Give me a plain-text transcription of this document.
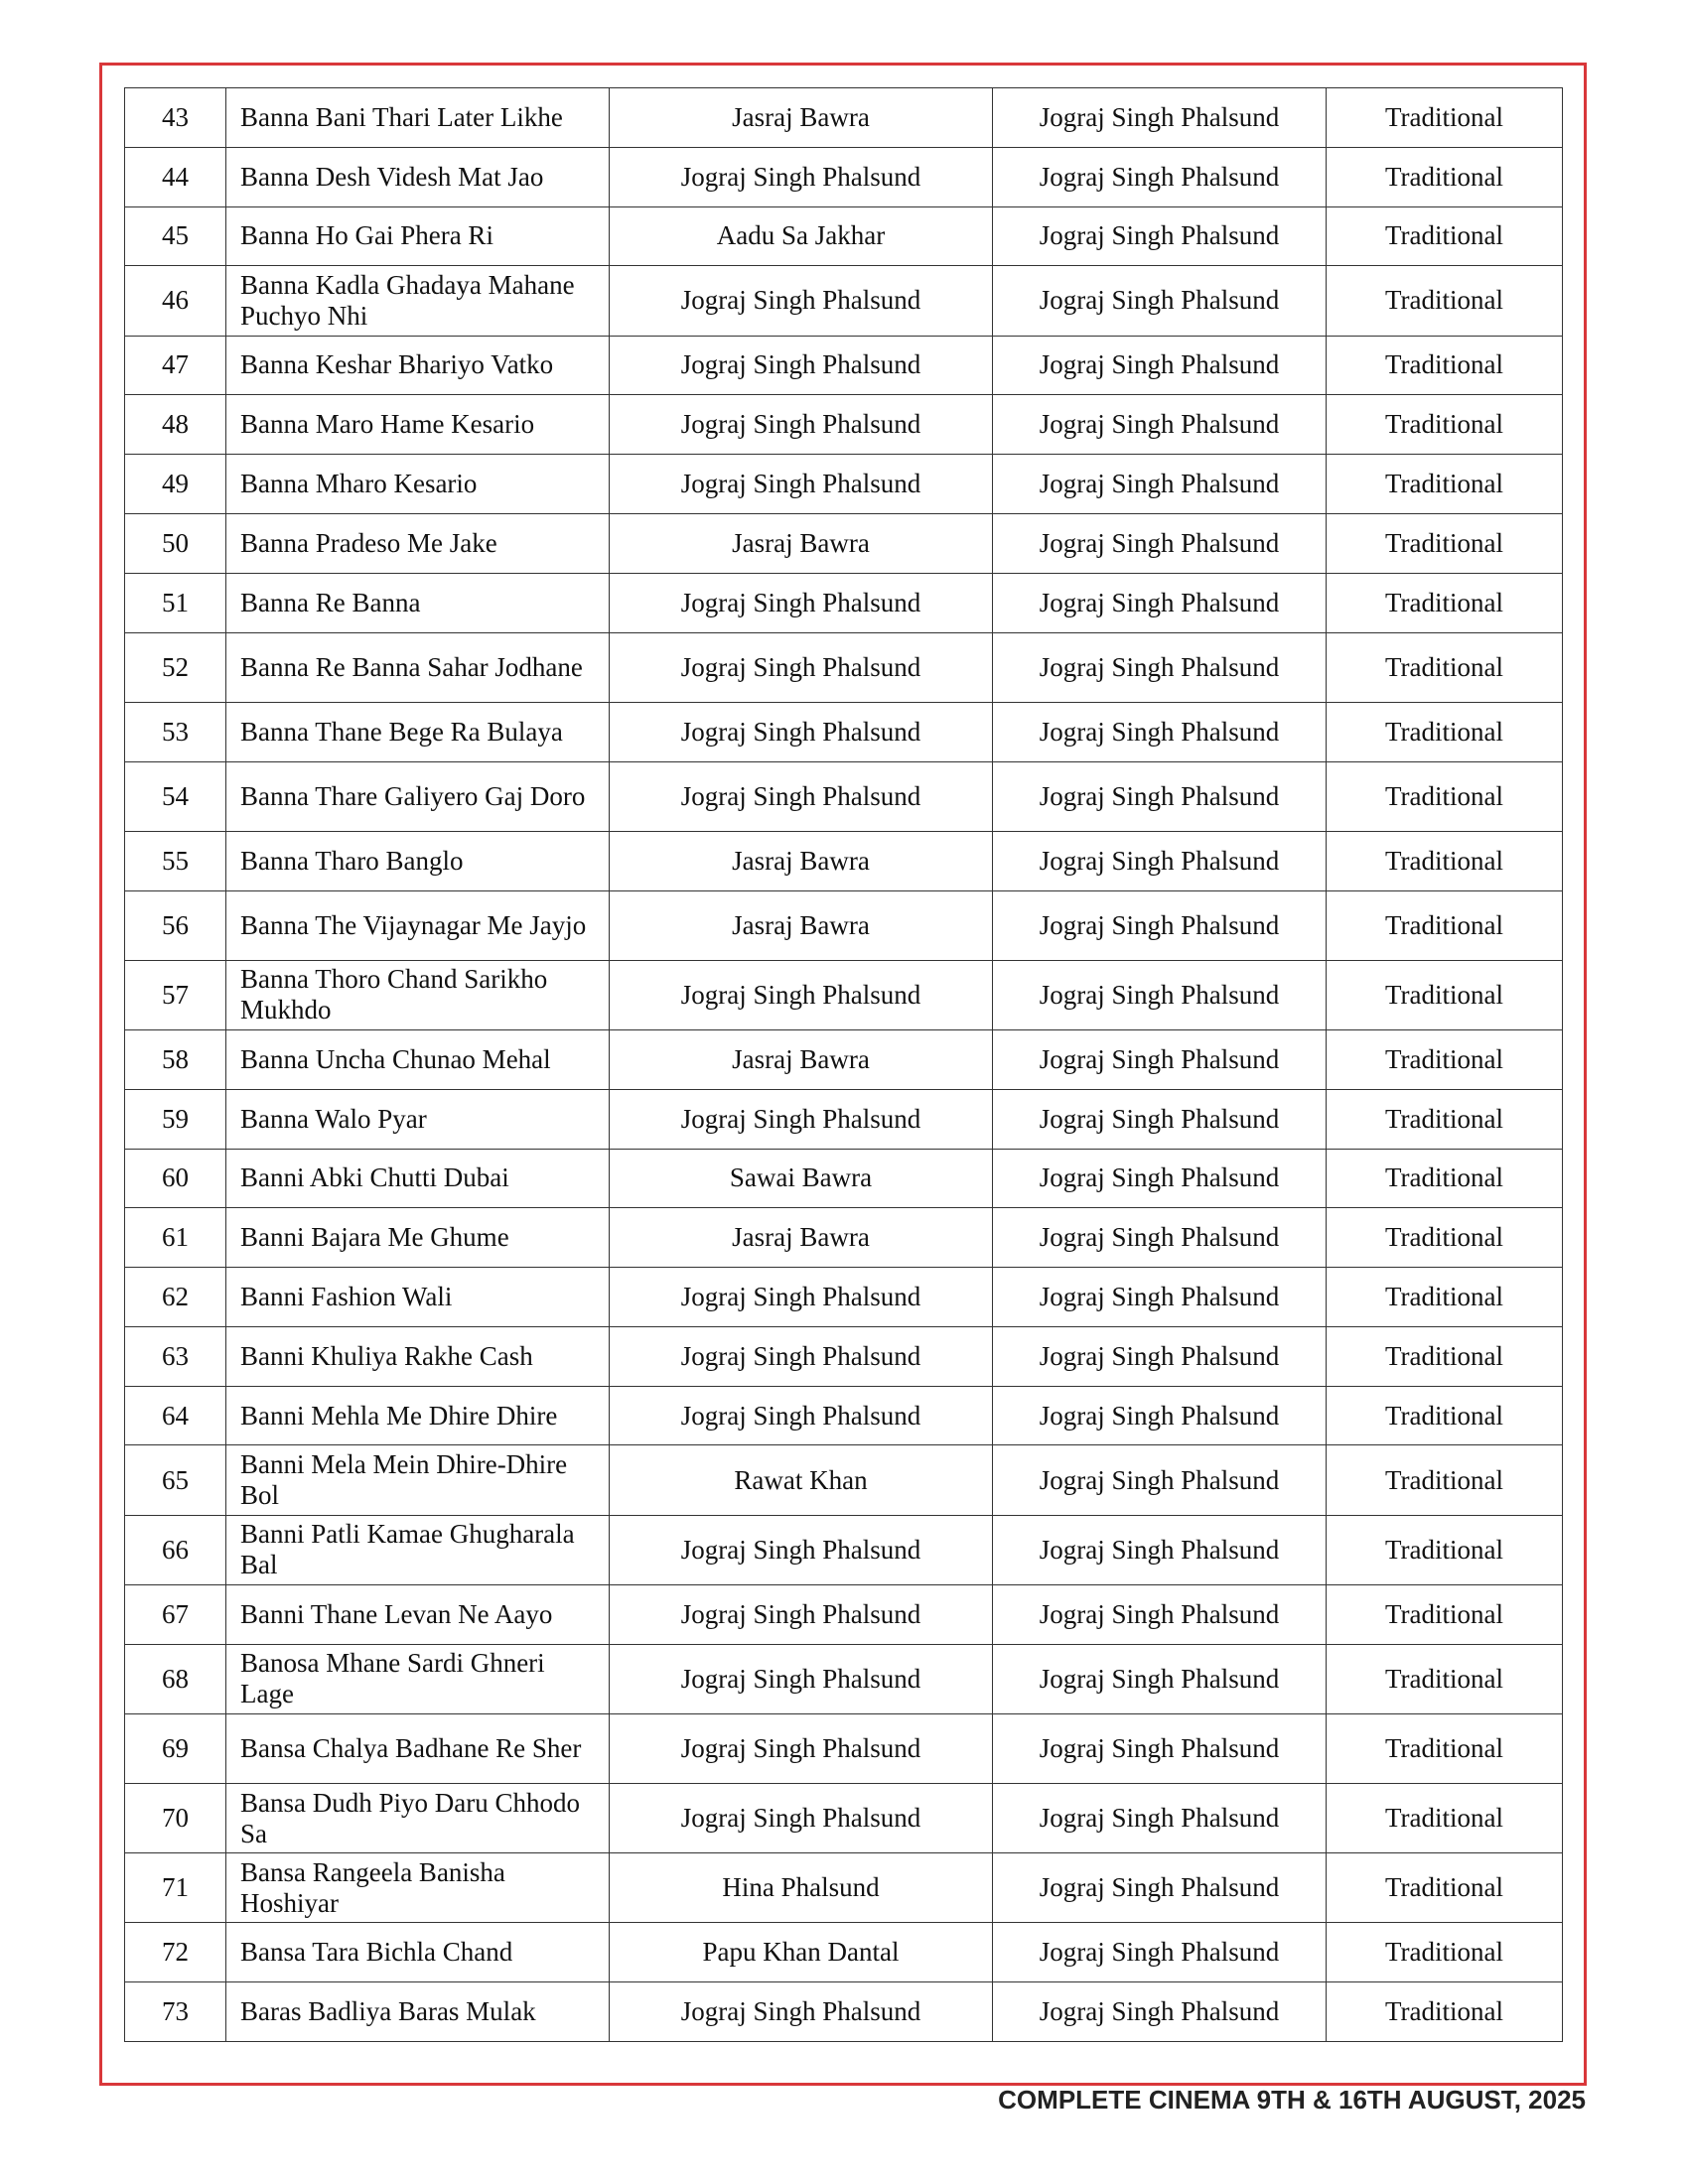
43	Banna Bani Thari Later Likhe	Jasraj Bawra	Jograj Singh Phalsund	Traditional
44	Banna Desh Videsh Mat Jao	Jograj Singh Phalsund	Jograj Singh Phalsund	Traditional
45	Banna Ho Gai Phera Ri	Aadu Sa Jakhar	Jograj Singh Phalsund	Traditional
46	Banna Kadla Ghadaya Mahane Puchyo Nhi	Jograj Singh Phalsund	Jograj Singh Phalsund	Traditional
47	Banna Keshar Bhariyo Vatko	Jograj Singh Phalsund	Jograj Singh Phalsund	Traditional
48	Banna Maro Hame Kesario	Jograj Singh Phalsund	Jograj Singh Phalsund	Traditional
49	Banna Mharo Kesario	Jograj Singh Phalsund	Jograj Singh Phalsund	Traditional
50	Banna Pradeso Me Jake	Jasraj Bawra	Jograj Singh Phalsund	Traditional
51	Banna Re Banna	Jograj Singh Phalsund	Jograj Singh Phalsund	Traditional
52	Banna Re Banna Sahar Jodhane	Jograj Singh Phalsund	Jograj Singh Phalsund	Traditional
53	Banna Thane Bege Ra Bulaya	Jograj Singh Phalsund	Jograj Singh Phalsund	Traditional
54	Banna Thare Galiyero Gaj Doro	Jograj Singh Phalsund	Jograj Singh Phalsund	Traditional
55	Banna Tharo Banglo	Jasraj Bawra	Jograj Singh Phalsund	Traditional
56	Banna The Vijaynagar Me Jayjo	Jasraj Bawra	Jograj Singh Phalsund	Traditional
57	Banna Thoro Chand Sarikho Mukhdo	Jograj Singh Phalsund	Jograj Singh Phalsund	Traditional
58	Banna Uncha Chunao Mehal	Jasraj Bawra	Jograj Singh Phalsund	Traditional
59	Banna Walo Pyar	Jograj Singh Phalsund	Jograj Singh Phalsund	Traditional
60	Banni Abki Chutti Dubai	Sawai Bawra	Jograj Singh Phalsund	Traditional
61	Banni Bajara Me Ghume	Jasraj Bawra	Jograj Singh Phalsund	Traditional
62	Banni Fashion Wali	Jograj Singh Phalsund	Jograj Singh Phalsund	Traditional
63	Banni Khuliya Rakhe Cash	Jograj Singh Phalsund	Jograj Singh Phalsund	Traditional
64	Banni Mehla Me Dhire Dhire	Jograj Singh Phalsund	Jograj Singh Phalsund	Traditional
65	Banni Mela Mein Dhire-Dhire Bol	Rawat Khan	Jograj Singh Phalsund	Traditional
66	Banni Patli Kamae Ghugharala Bal	Jograj Singh Phalsund	Jograj Singh Phalsund	Traditional
67	Banni Thane Levan Ne Aayo	Jograj Singh Phalsund	Jograj Singh Phalsund	Traditional
68	Banosa Mhane Sardi Ghneri Lage	Jograj Singh Phalsund	Jograj Singh Phalsund	Traditional
69	Bansa Chalya Badhane Re Sher	Jograj Singh Phalsund	Jograj Singh Phalsund	Traditional
70	Bansa Dudh Piyo Daru Chhodo Sa	Jograj Singh Phalsund	Jograj Singh Phalsund	Traditional
71	Bansa Rangeela Banisha Hoshiyar	Hina Phalsund	Jograj Singh Phalsund	Traditional
72	Bansa Tara Bichla Chand	Papu Khan Dantal	Jograj Singh Phalsund	Traditional
73	Baras Badliya Baras Mulak	Jograj Singh Phalsund	Jograj Singh Phalsund	Traditional
COMPLETE CINEMA 9TH & 16TH AUGUST, 2025
